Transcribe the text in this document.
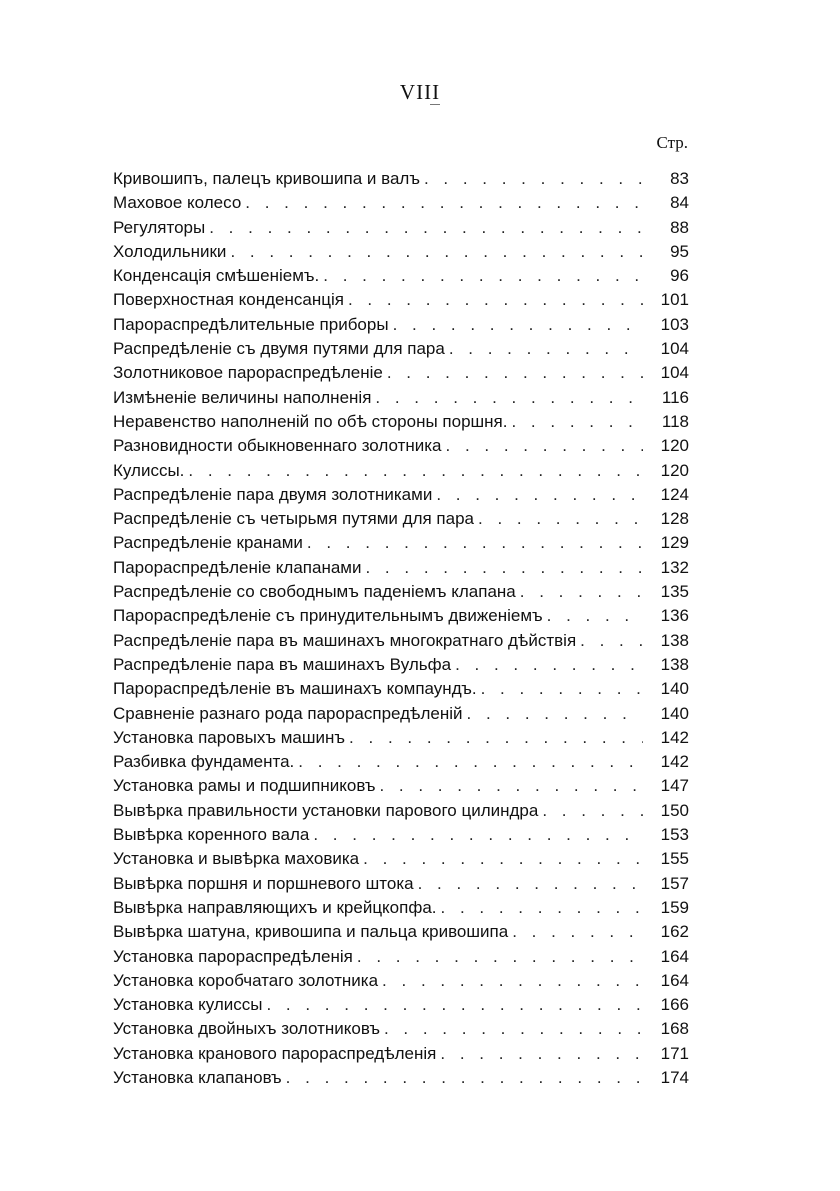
VIII
Стр.
Кривошипъ, палецъ кривошипа и валъ . . .	83
Маховое колесо . . .	84
Регуляторы . . .	88
Холодильники . . .	95
Конденсація смѣшеніемъ. . . .	96
Поверхностная конденсанція . . .	101
Парораспредѣлительные приборы . . .	103
Распредѣленіе съ двумя путями для пара . . .	104
Золотниковое парораспредѣленіе . . .	104
Измѣненіе величины наполненія . . .	116
Неравенство наполненій по обѣ стороны поршня. . . .	118
Разновидности обыкновеннаго золотника . . .	120
Кулиссы. . . .	120
Распредѣленіе пара двумя золотниками . . .	124
Распредѣленіе съ четырьмя путями для пара . . .	128
Распредѣленіе кранами . . .	129
Парораспредѣленіе клапанами . . .	132
Распредѣленіе со свободнымъ паденіемъ клапана . . .	135
Парораспредѣленіе съ принудительнымъ движеніемъ . . .	136
Распредѣленіе пара въ машинахъ многократнаго дѣйствія . . .	138
Распредѣленіе пара въ машинахъ Вульфа . . .	138
Парораспредѣленіе въ машинахъ компаундъ. . . .	140
Сравненіе разнаго рода парораспредѣленій . . .	140
Установка паровыхъ машинъ . . .	142
Разбивка фундамента. . . .	142
Установка рамы и подшипниковъ . . .	147
Вывѣрка правильности установки парового цилиндра . . .	150
Вывѣрка коренного вала . . .	153
Установка и вывѣрка маховика . . .	155
Вывѣрка поршня и поршневого штока . . .	157
Вывѣрка направляющихъ и крейцкопфа. . . .	159
Вывѣрка шатуна, кривошипа и пальца кривошипа . . .	162
Установка парораспредѣленія . . .	164
Установка коробчатаго золотника . . .	164
Установка кулиссы . . .	166
Установка двойныхъ золотниковъ . . .	168
Установка кранового парораспредѣленія . . .	171
Установка клапановъ . . .	174
